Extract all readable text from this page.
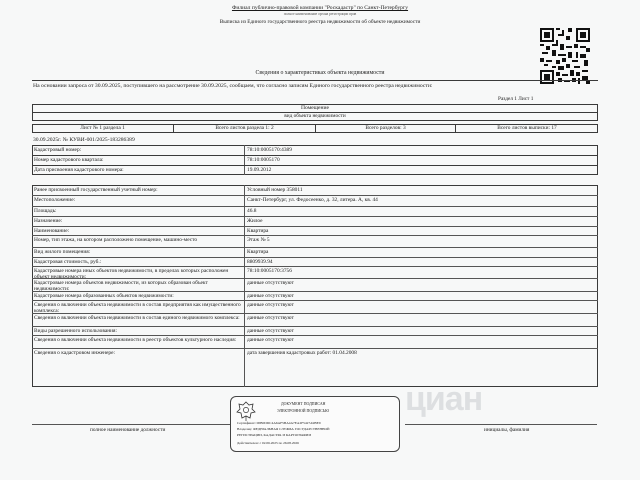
Филиал публично-правовой компании "Роскадастр" по Санкт-Петербургу
полное наименование органа регистрации прав
Выписка из Единого государственного реестра недвижимости об объекте недвижимости
Сведения о характеристиках объекта недвижимости
На основании запроса от 30.09.2025, поступившего на рассмотрение 30.09.2025, сообщаем, что согласно записям Единого государственного реестра недвижимости:
Раздел 1 Лист 1
Помещение
вид объекта недвижимости
Лист № 1 раздела 1	Всего листов раздела 1: 2	Всего разделов: 3	Всего листов выписки: 17
30.09.2025г. № КУВИ-001/2025-183286389
Кадастровый номер:	78:10:0005170:4389
Номер кадастрового квартала:	78:10:0005170
Дата присвоения кадастрового номера:	19.09.2012
Ранее присвоенный государственный учетный номер:	Условный номер 358011
Местоположение:	Санкт-Петербург, ул. Федосеенко, д. 32, литера. А, кв. 44
Площадь:	46.8
Назначение:	Жилое
Наименование:	Квартира
Номер, тип этажа, на котором расположено помещение, машино-место	Этаж № 5
Вид жилого помещения:	Квартира
Кадастровая стоимость, руб.:	8809939.94
Кадастровые номера иных объектов недвижимости, в пределах которых расположен объект недвижимости:
78:10:0005170:3756
Кадастровые номера объектов недвижимости, из которых образован объект недвижимости:
данные отсутствуют
Кадастровые номера образованных объектов недвижимости:	данные отсутствуют
Сведения о включении объекта недвижимости в состав предприятия как имущественного комплекса:
данные отсутствуют
Сведения о включении объекта недвижимости в состав единого недвижимого комплекса:	данные отсутствуют
Виды разрешенного использования:	данные отсутствуют
Сведения о включении объекта недвижимости в реестр объектов культурного наследия:	данные отсутствуют
Сведения о кадастровом инженере:	дата завершения кадастровых работ: 01.04.2008
ДОКУМЕНТ ПОДПИСАН
ЭЛЕКТРОННОЙ ПОДПИСЬЮ
Сертификат: 00B0DDC4A6AF5BA4A7EA2F5427A9BE9
Владелец: ФЕДЕРАЛЬНАЯ СЛУЖБА ГОСУДАРСТВЕННОЙ
РЕГИСТРАЦИИ, КАДАСТРА И КАРТОГРАФИИ
Действителен: с 02.06.2025 по 26.08.2026
циан
полное наименование должности	инициалы, фамилия
